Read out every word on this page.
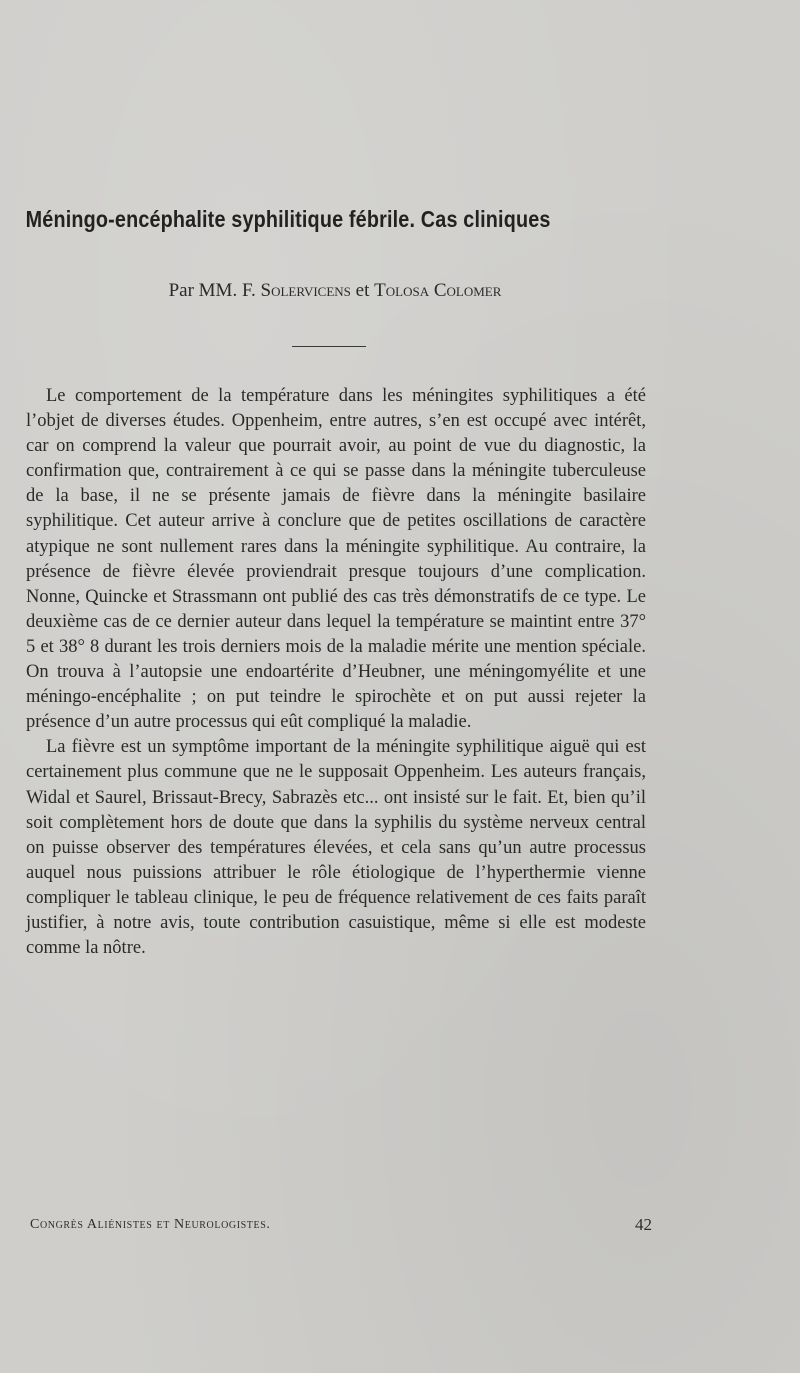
Méningo-encéphalite syphilitique fébrile. Cas cliniques
Par MM. F. Solervicens et Tolosa Colomer

Le comportement de la température dans les méningites syphilitiques a été l’objet de diverses études. Oppenheim, entre autres, s’en est occupé avec intérêt, car on comprend la valeur que pourrait avoir, au point de vue du diagnostic, la confirmation que, contrairement à ce qui se passe dans la méningite tuberculeuse de la base, il ne se présente jamais de fièvre dans la méningite basilaire syphilitique. Cet auteur arrive à conclure que de petites oscillations de caractère atypique ne sont nullement rares dans la méningite syphilitique. Au contraire, la présence de fièvre élevée proviendrait presque toujours d’une complication. Nonne, Quincke et Strassmann ont publié des cas très démonstratifs de ce type. Le deuxième cas de ce dernier auteur dans lequel la température se maintint entre 37° 5 et 38° 8 durant les trois derniers mois de la maladie mérite une mention spéciale. On trouva à l’autopsie une endoartérite d’Heubner, une méningomyélite et une méningo-encéphalite ; on put teindre le spirochète et on put aussi rejeter la présence d’un autre processus qui eût compliqué la maladie.

La fièvre est un symptôme important de la méningite syphilitique aiguë qui est certainement plus commune que ne le supposait Oppenheim. Les auteurs français, Widal et Saurel, Brissaut-Brecy, Sabrazès etc... ont insisté sur le fait. Et, bien qu’il soit complètement hors de doute que dans la syphilis du système nerveux central on puisse observer des températures élevées, et cela sans qu’un autre processus auquel nous puissions attribuer le rôle étiologique de l’hyperthermie vienne compliquer le tableau clinique, le peu de fréquence relativement de ces faits paraît justifier, à notre avis, toute contribution casuistique, même si elle est modeste comme la nôtre.

Congrès Aliénistes et Neurologistes.	42
